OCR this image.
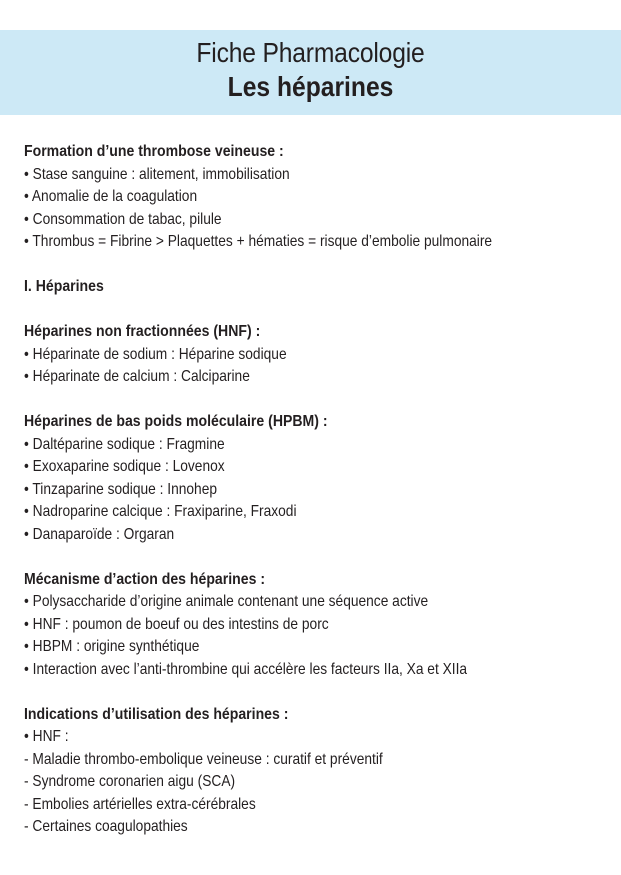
Fiche Pharmacologie
Les héparines
Formation d’une thrombose veineuse :
• Stase sanguine : alitement, immobilisation
• Anomalie de la coagulation
• Consommation de tabac, pilule
• Thrombus = Fibrine > Plaquettes + hématies = risque d’embolie pulmonaire
I. Héparines
Héparines non fractionnées (HNF) :
• Héparinate de sodium : Héparine sodique
• Héparinate de calcium : Calciparine
Héparines de bas poids moléculaire (HPBM) :
• Daltéparine sodique : Fragmine
• Exoxaparine sodique : Lovenox
• Tinzaparine sodique : Innohep
• Nadroparine calcique : Fraxiparine, Fraxodi
• Danaparoïde : Orgaran
Mécanisme d’action des héparines :
• Polysaccharide d’origine animale contenant une séquence active
• HNF : poumon de boeuf ou des intestins de porc
• HBPM : origine synthétique
• Interaction avec l’anti-thrombine qui accélère les facteurs IIa, Xa et XIIa
Indications d’utilisation des héparines :
• HNF :
- Maladie thrombo-embolique veineuse : curatif et préventif
- Syndrome coronarien aigu (SCA)
- Embolies artérielles extra-cérébrales
- Certaines coagulopathies
